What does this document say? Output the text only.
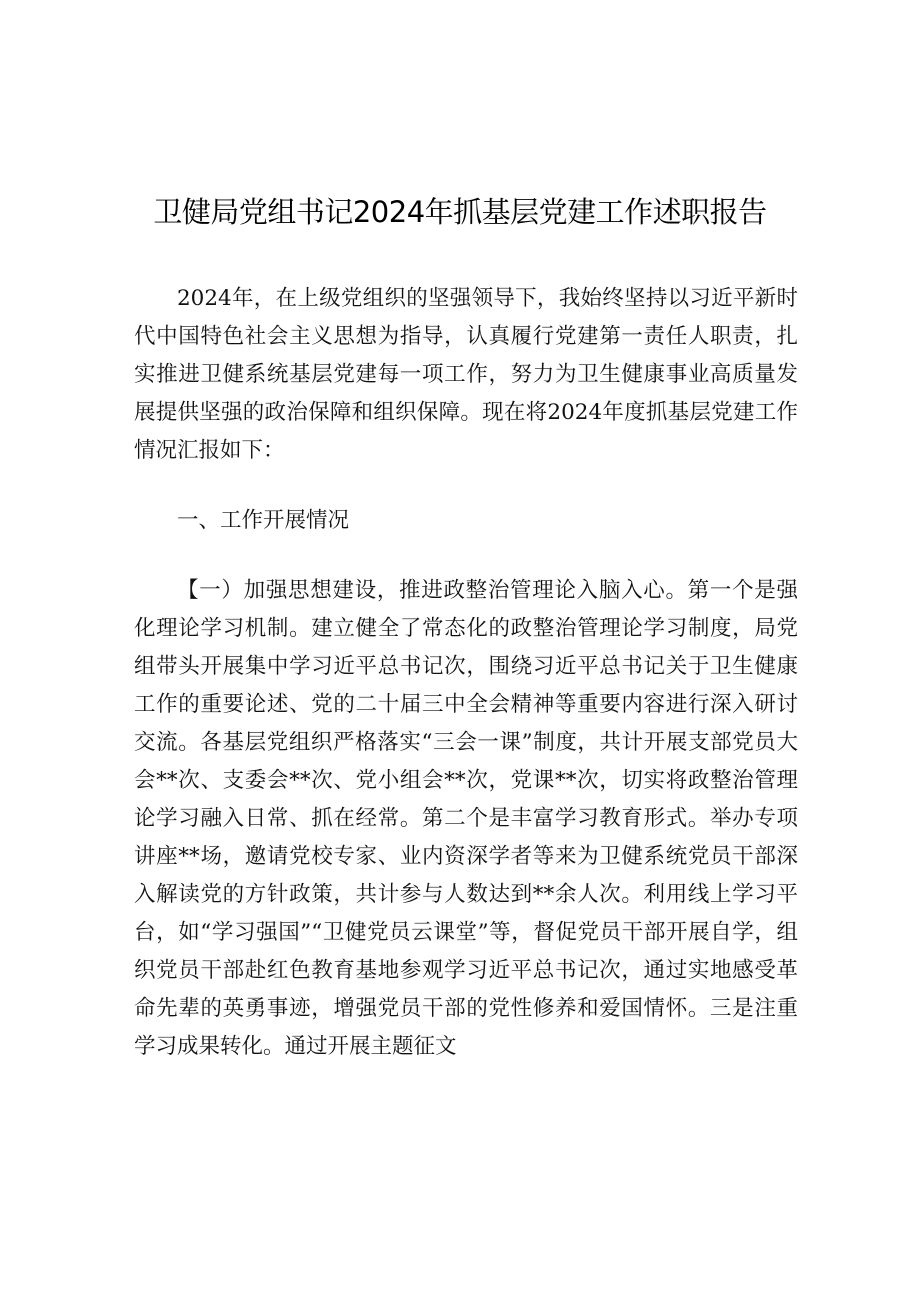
卫健局党组书记2024年抓基层党建工作述职报告

2024年，在上级党组织的坚强领导下，我始终坚持以习近平新时代中国特色社会主义思想为指导，认真履行党建第一责任人职责，扎实推进卫健系统基层党建每一项工作，努力为卫生健康事业高质量发展提供坚强的政治保障和组织保障。现在将2024年度抓基层党建工作情况汇报如下：

一、工作开展情况

【一）加强思想建设，推进政整治管理论入脑入心。第一个是强化理论学习机制。建立健全了常态化的政整治管理论学习制度，局党组带头开展集中学习近平总书记次，围绕习近平总书记关于卫生健康工作的重要论述、党的二十届三中全会精神等重要内容进行深入研讨交流。各基层党组织严格落实“三会一课”制度，共计开展支部党员大会**次、支委会**次、党小组会**次，党课**次，切实将政整治管理论学习融入日常、抓在经常。第二个是丰富学习教育形式。举办专项讲座**场，邀请党校专家、业内资深学者等来为卫健系统党员干部深入解读党的方针政策，共计参与人数达到**余人次。利用线上学习平台，如“学习强国”“卫健党员云课堂”等，督促党员干部开展自学，组织党员干部赴红色教育基地参观学习近平总书记次，通过实地感受革命先辈的英勇事迹，增强党员干部的党性修养和爱国情怀。三是注重学习成果转化。通过开展主题征文
